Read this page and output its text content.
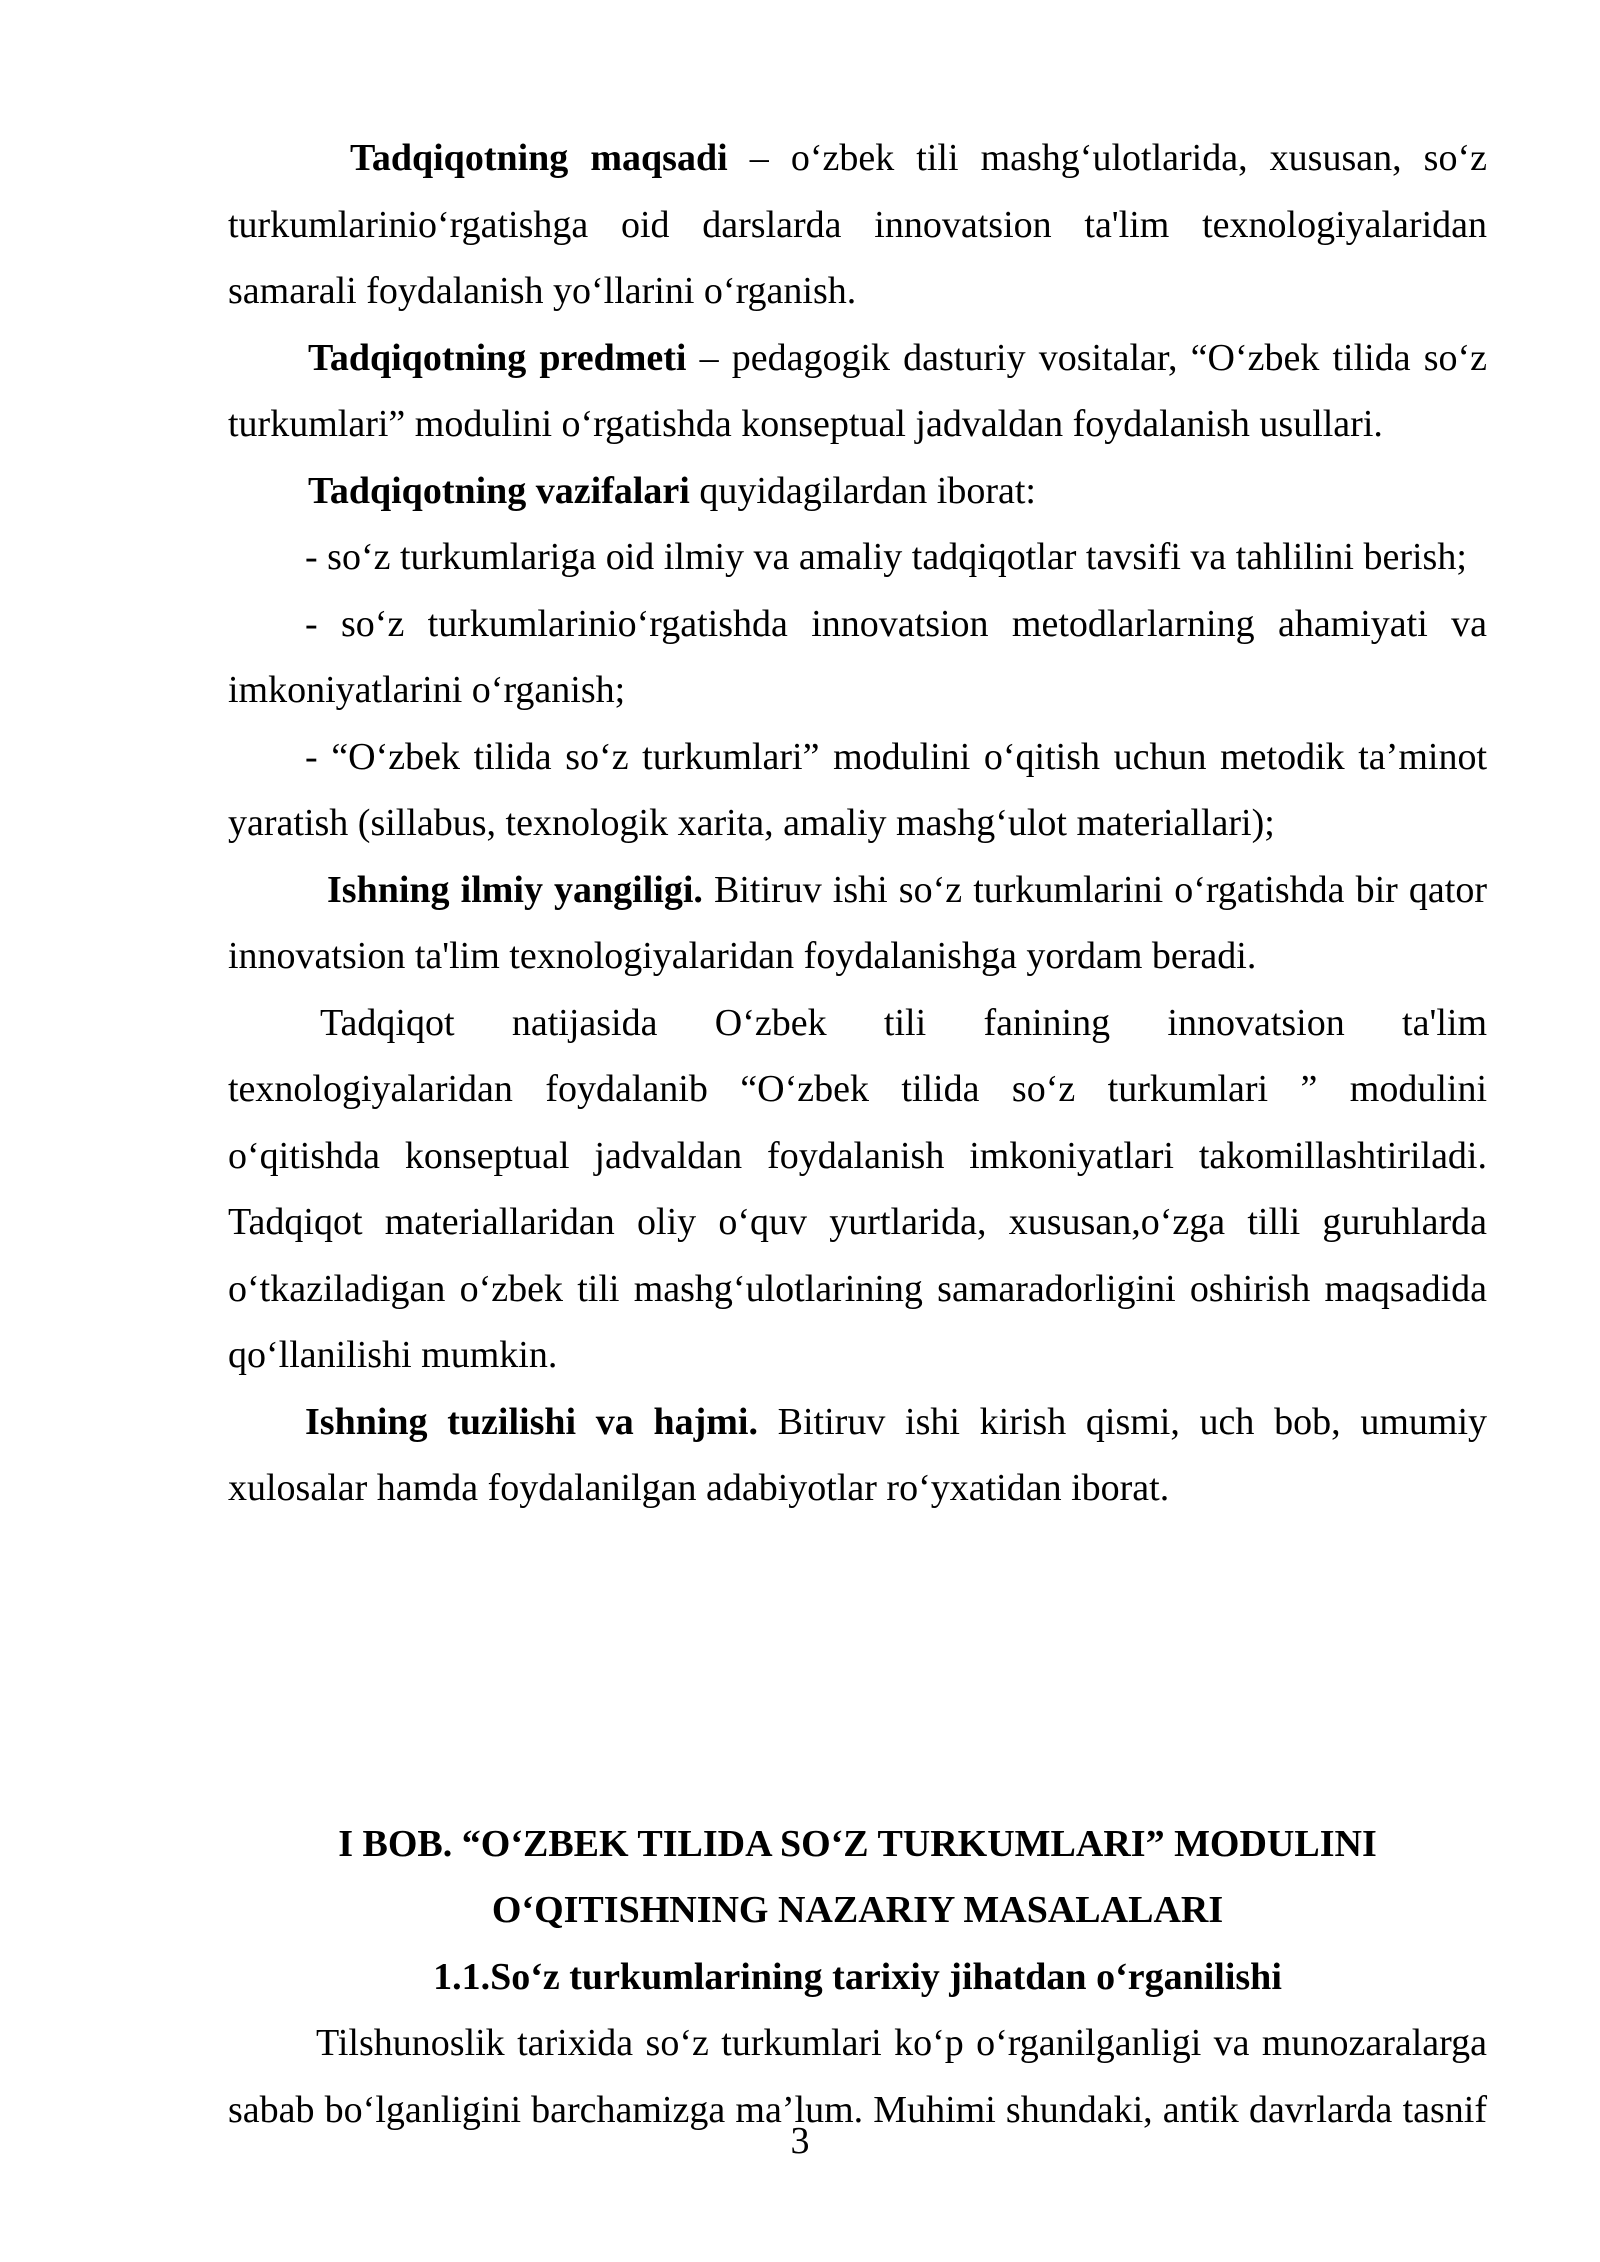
Tadqiqotning maqsadi – oʻzbek tili mashgʻulotlarida, xususan, soʻz turkumlarinioʻrgatishga oid darslarda innovatsion ta'lim texnologiyalaridan samarali foydalanish yoʻllarini oʻrganish.

Tadqiqotning predmeti – pedagogik dasturiy vositalar, “Oʻzbek tilida soʻz turkumlari” modulini oʻrgatishda konseptual jadvaldan foydalanish usullari.

Tadqiqotning vazifalari quyidagilardan iborat:

- soʻz turkumlariga oid ilmiy va amaliy tadqiqotlar tavsifi va tahlilini berish;

- soʻz turkumlarinioʻrgatishda innovatsion metodlarlarning ahamiyati va imkoniyatlarini oʻrganish;

- “Oʻzbek tilida soʻz turkumlari” modulini oʻqitish uchun metodik ta’minot yaratish (sillabus, texnologik xarita, amaliy mashgʻulot materiallari);

Ishning ilmiy yangiligi. Bitiruv ishi soʻz turkumlarini oʻrgatishda bir qator innovatsion ta'lim texnologiyalaridan foydalanishga yordam beradi.

Tadqiqot natijasida Oʻzbek tili fanining innovatsion ta'lim texnologiyalaridan foydalanib “Oʻzbek tilida soʻz turkumlari ” modulini oʻqitishda konseptual jadvaldan foydalanish imkoniyatlari takomillashtiriladi. Tadqiqot materiallaridan oliy oʻquv yurtlarida, xususan,oʻzga tilli guruhlarda oʻtkaziladigan oʻzbek tili mashgʻulotlarining samaradorligini oshirish maqsadida qoʻllanilishi mumkin.

Ishning tuzilishi va hajmi. Bitiruv ishi kirish qismi, uch bob, umumiy xulosalar hamda foydalanilgan adabiyotlar roʻyxatidan iborat.

I BOB. “OʻZBEK TILIDA SOʻZ TURKUMLARI” MODULINI
OʻQITISHNING NAZARIY MASALALARI
1.1.Soʻz turkumlarining tarixiy jihatdan oʻrganilishi

Tilshunoslik tarixida soʻz turkumlari koʻp oʻrganilganligi va munozaralarga sabab boʻlganligini barchamizga ma’lum. Muhimi shundaki, antik davrlarda tasnif

3
